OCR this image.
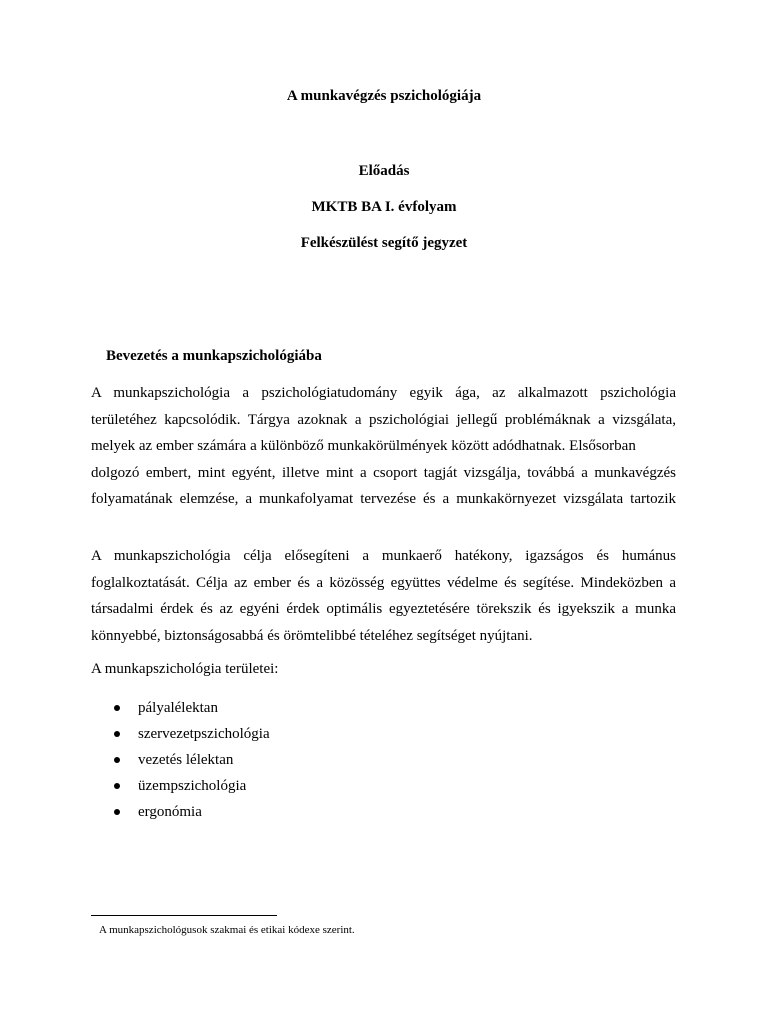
A munkavégzés pszichológiája
Előadás
MKTB BA I. évfolyam
Felkészülést segítő jegyzet
Bevezetés a munkapszichológiába
A munkapszichológia a pszichológiatudomány egyik ága, az alkalmazott pszichológia
területéhez kapcsolódik. Tárgya azoknak a pszichológiai jellegű problémáknak a vizsgálata,
melyek az ember számára a különböző munkakörülmények között adódhatnak. Elsősorban
dolgozó embert, mint egyént, illetve mint a csoport tagját vizsgálja, továbbá a munkavégzés
folyamatának elemzése, a munkafolyamat tervezése és a munkakörnyezet vizsgálata tartozik
A munkapszichológia célja elősegíteni a munkaerő hatékony, igazságos és humánus
foglalkoztatását. Célja az ember és a közösség együttes védelme és segítése. Mindeközben a
társadalmi érdek és az egyéni érdek optimális egyeztetésére törekszik és igyekszik a munka
könnyebbé, biztonságosabbá és örömtelibbé tételéhez segítséget nyújtani.
A munkapszichológia területei:
pályalélektan
szervezetpszichológia
vezetés lélektan
üzempszichológia
ergonómia
A munkapszichológusok szakmai és etikai kódexe szerint.
